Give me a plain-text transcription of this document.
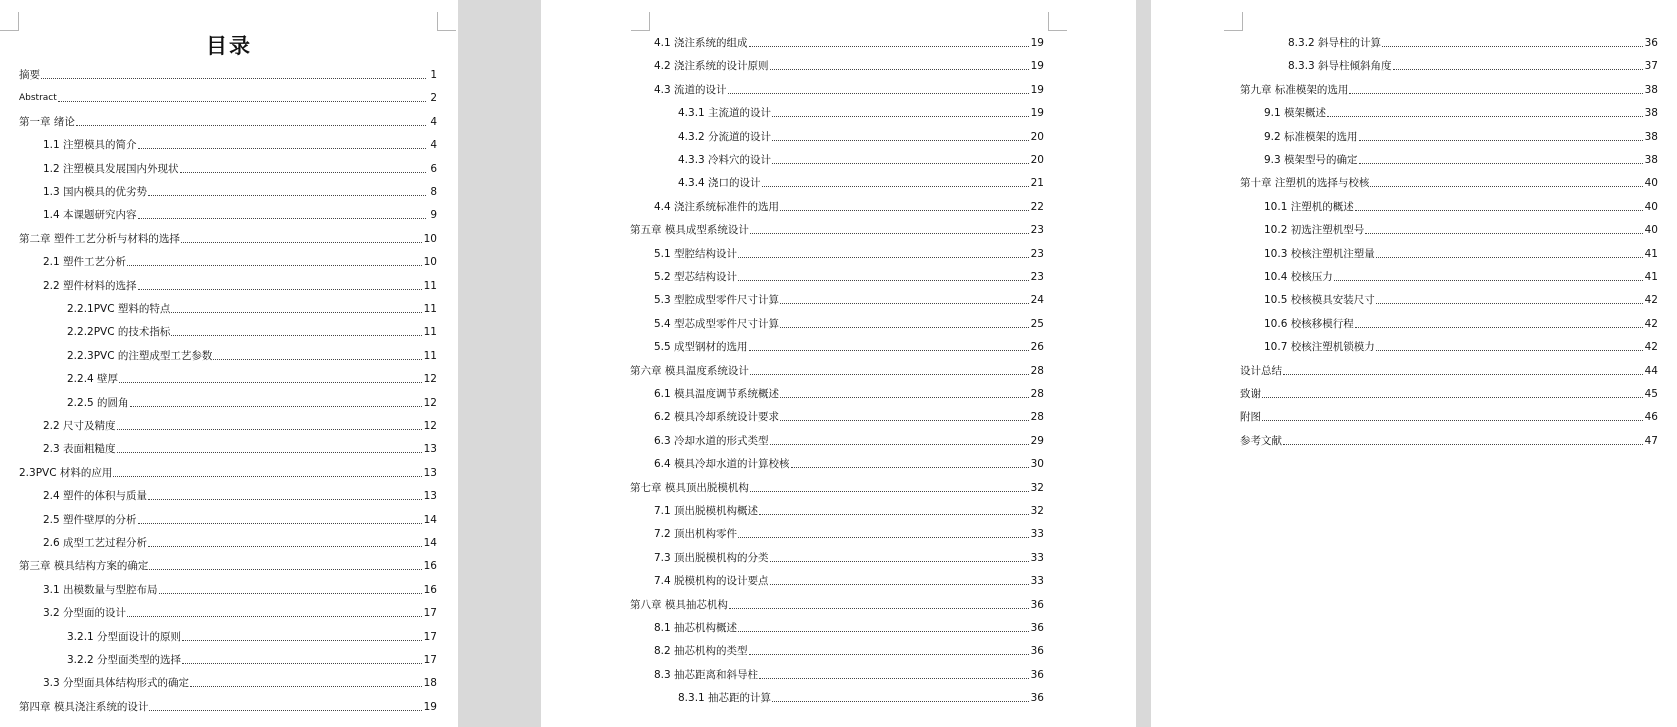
目录
摘要	1
Abstract	2
第一章 绪论	4
1.1 注塑模具的简介	4
1.2 注塑模具发展国内外现状	6
1.3 国内模具的优劣势	8
1.4 本课题研究内容	9
第二章 塑件工艺分析与材料的选择	10
2.1 塑件工艺分析	10
2.2 塑件材料的选择	11
2.2.1PVC 塑料的特点	11
2.2.2PVC 的技术指标	11
2.2.3PVC 的注塑成型工艺参数	11
2.2.4 壁厚	12
2.2.5 的圆角	12
2.2 尺寸及精度	12
2.3 表面粗糙度	13
2.3PVC 材料的应用	13
2.4 塑件的体积与质量	13
2.5 塑件壁厚的分析	14
2.6 成型工艺过程分析	14
第三章 模具结构方案的确定	16
3.1 出模数量与型腔布局	16
3.2 分型面的设计	17
3.2.1 分型面设计的原则	17
3.2.2 分型面类型的选择	17
3.3 分型面具体结构形式的确定	18
第四章 模具浇注系统的设计	19
4.1 浇注系统的组成	19
4.2 浇注系统的设计原则	19
4.3 流道的设计	19
4.3.1 主流道的设计	19
4.3.2 分流道的设计	20
4.3.3 冷料穴的设计	20
4.3.4 浇口的设计	21
4.4 浇注系统标准件的选用	22
第五章 模具成型系统设计	23
5.1 型腔结构设计	23
5.2 型芯结构设计	23
5.3 型腔成型零件尺寸计算	24
5.4 型芯成型零件尺寸计算	25
5.5 成型钢材的选用	26
第六章 模具温度系统设计	28
6.1 模具温度调节系统概述	28
6.2 模具冷却系统设计要求	28
6.3 冷却水道的形式类型	29
6.4 模具冷却水道的计算校核	30
第七章 模具顶出脱模机构	32
7.1 顶出脱模机构概述	32
7.2 顶出机构零件	33
7.3 顶出脱模机构的分类	33
7.4 脱模机构的设计要点	33
第八章 模具抽芯机构	36
8.1 抽芯机构概述	36
8.2 抽芯机构的类型	36
8.3 抽芯距离和斜导柱	36
8.3.1 抽芯距的计算	36
8.3.2 斜导柱的计算	36
8.3.3 斜导柱倾斜角度	37
第九章 标准模架的选用	38
9.1 模架概述	38
9.2 标准模架的选用	38
9.3 模架型号的确定	38
第十章 注塑机的选择与校核	40
10.1 注塑机的概述	40
10.2 初选注塑机型号	40
10.3 校核注塑机注塑量	41
10.4 校核压力	41
10.5 校核模具安装尺寸	42
10.6 校核移模行程	42
10.7 校核注塑机锁模力	42
设计总结	44
致谢	45
附图	46
参考文献	47
